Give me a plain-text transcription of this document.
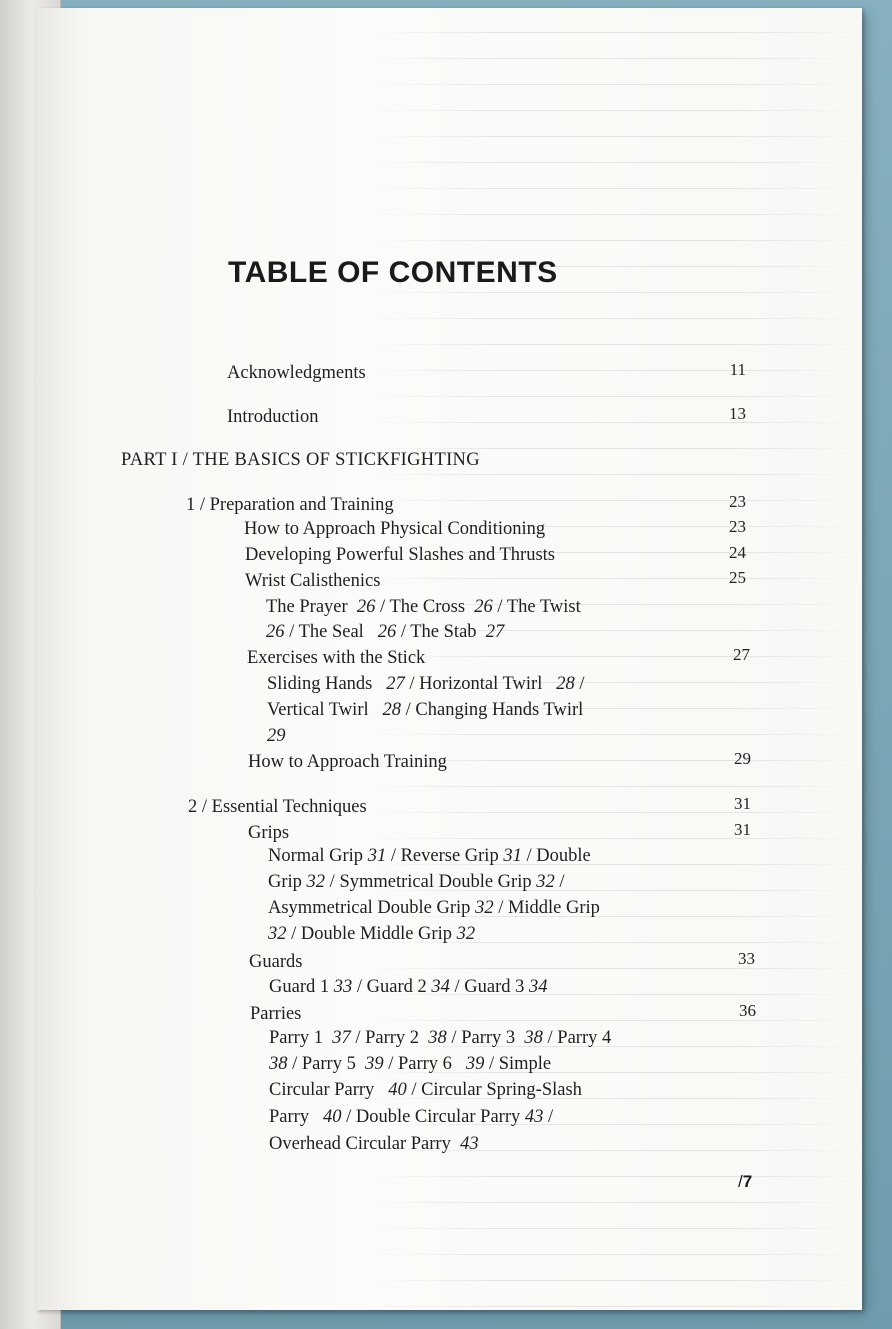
TABLE OF CONTENTS
Acknowledgments	11
Introduction	13
PART I / THE BASICS OF STICKFIGHTING
1 / Preparation and Training	23
How to Approach Physical Conditioning	23
Developing Powerful Slashes and Thrusts	24
Wrist Calisthenics	25
The Prayer 26 / The Cross 26 / The Twist
26 / The Seal 26 / The Stab 27
Exercises with the Stick	27
Sliding Hands 27 / Horizontal Twirl 28 /
Vertical Twirl 28 / Changing Hands Twirl
29
How to Approach Training	29
2 / Essential Techniques	31
Grips	31
Normal Grip 31 / Reverse Grip 31 / Double
Grip 32 / Symmetrical Double Grip 32 /
Asymmetrical Double Grip 32 / Middle Grip
32 / Double Middle Grip 32
Guards	33
Guard 1 33 / Guard 2 34 / Guard 3 34
Parries	36
Parry 1 37 / Parry 2 38 / Parry 3 38 / Parry 4
38 / Parry 5 39 / Parry 6 39 / Simple
Circular Parry   40 / Circular Spring-Slash
Parry   40 / Double Circular Parry 43 /
Overhead Circular Parry 43
/7
